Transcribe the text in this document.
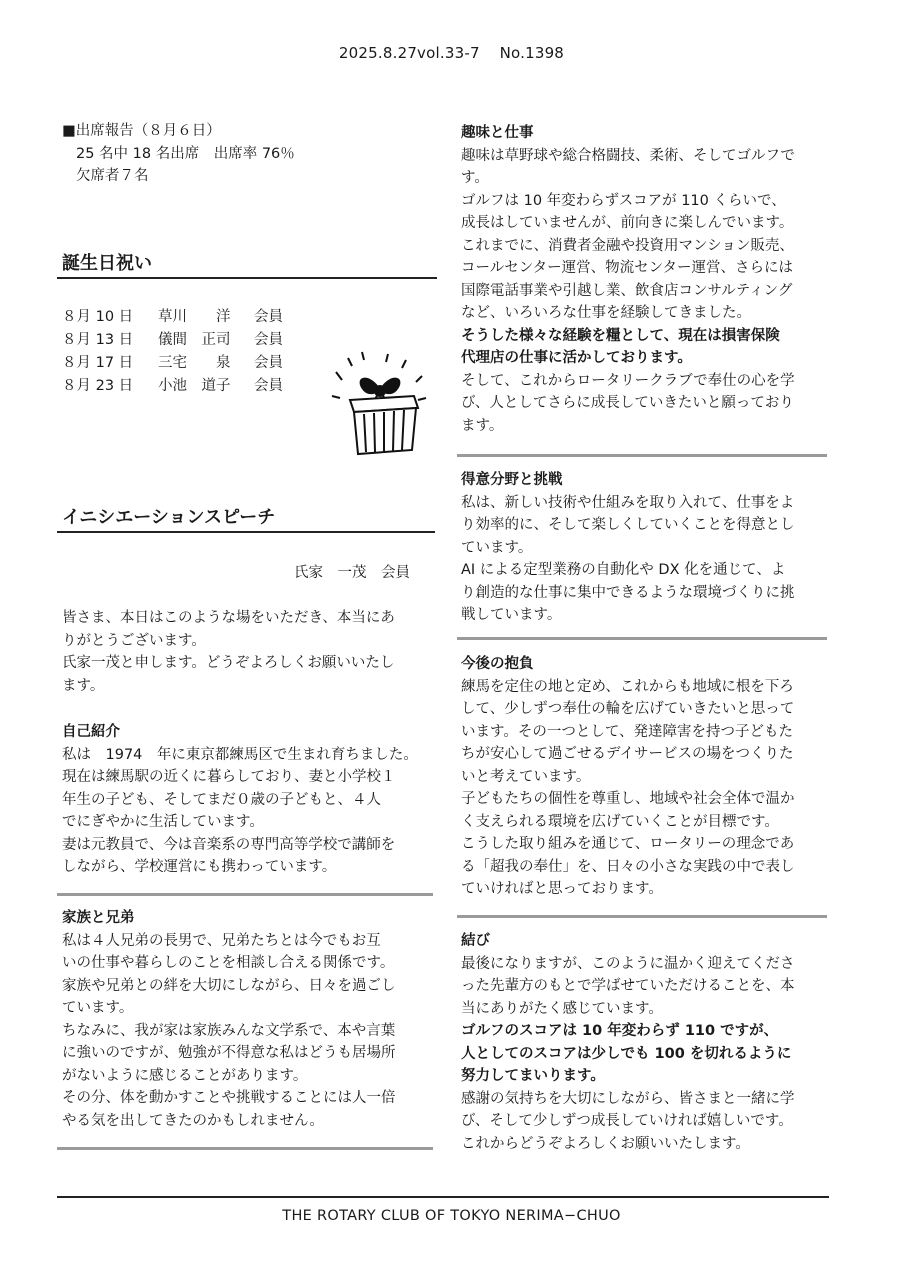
2025.8.27vol.33-7 No.1398

■出席報告（８月６日）

25 名中 18 名出席　出席率 76％

欠席者７名

誕生日祝い
８月 10 日	草川　　洋	会員
８月 13 日	儀間　正司	会員
８月 17 日	三宅　　泉	会員
８月 23 日	小池　道子	会員
イニシエーションスピーチ
氏家　一茂　会員

皆さま、本日はこのような場をいただき、本当にあ

りがとうございます。

氏家一茂と申します。どうぞよろしくお願いいたし

ます。

自己紹介

私は　1974　年に東京都練馬区で生まれ育ちました。

現在は練馬駅の近くに暮らしており、妻と小学校１

年生の子ども、そしてまだ０歳の子どもと、４人

でにぎやかに生活しています。

妻は元教員で、今は音楽系の専門高等学校で講師を

しながら、学校運営にも携わっています。

家族と兄弟

私は４人兄弟の長男で、兄弟たちとは今でもお互

いの仕事や暮らしのことを相談し合える関係です。

家族や兄弟との絆を大切にしながら、日々を過ごし

ています。

ちなみに、我が家は家族みんな文学系で、本や言葉

に強いのですが、勉強が不得意な私はどうも居場所

がないように感じることがあります。

その分、体を動かすことや挑戦することには人一倍

やる気を出してきたのかもしれません。

趣味と仕事

趣味は草野球や総合格闘技、柔術、そしてゴルフで

す。

ゴルフは 10 年変わらずスコアが 110 くらいで、

成長はしていませんが、前向きに楽しんでいます。

これまでに、消費者金融や投資用マンション販売、

コールセンター運営、物流センター運営、さらには

国際電話事業や引越し業、飲食店コンサルティング

など、いろいろな仕事を経験してきました。

そうした様々な経験を糧として、現在は損害保険

代理店の仕事に活かしております。

そして、これからロータリークラブで奉仕の心を学

び、人としてさらに成長していきたいと願っており

ます。

得意分野と挑戦

私は、新しい技術や仕組みを取り入れて、仕事をよ

り効率的に、そして楽しくしていくことを得意とし

ています。

AI による定型業務の自動化や DX 化を通じて、よ

り創造的な仕事に集中できるような環境づくりに挑

戦しています。

今後の抱負

練馬を定住の地と定め、これからも地域に根を下ろ

して、少しずつ奉仕の輪を広げていきたいと思って

います。その一つとして、発達障害を持つ子どもた

ちが安心して過ごせるデイサービスの場をつくりた

いと考えています。

子どもたちの個性を尊重し、地域や社会全体で温か

く支えられる環境を広げていくことが目標です。

こうした取り組みを通じて、ロータリーの理念であ

る「超我の奉仕」を、日々の小さな実践の中で表し

ていければと思っております。

結び

最後になりますが、このように温かく迎えてくださ

った先輩方のもとで学ばせていただけることを、本

当にありがたく感じています。

ゴルフのスコアは 10 年変わらず 110 ですが、

人としてのスコアは少しでも 100 を切れるように

努力してまいります。

感謝の気持ちを大切にしながら、皆さまと一緒に学

び、そして少しずつ成長していければ嬉しいです。

これからどうぞよろしくお願いいたします。

THE ROTARY CLUB OF TOKYO NERIMA−CHUO
